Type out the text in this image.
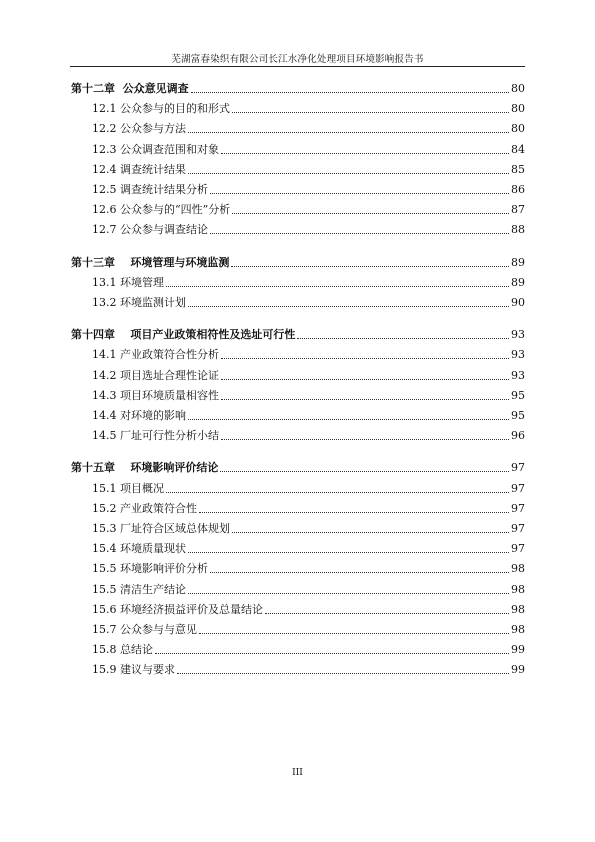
芜湖富春染织有限公司长江水净化处理项目环境影响报告书
第十二章  公众意见调查	80
12.1 公众参与的目的和形式	80
12.2 公众参与方法	80
12.3 公众调查范围和对象	84
12.4 调查统计结果	85
12.5 调查统计结果分析	86
12.6 公众参与的“四性”分析	87
12.7 公众参与调查结论	88
第十三章    环境管理与环境监测	89
13.1 环境管理	89
13.2 环境监测计划	90
第十四章    项目产业政策相符性及选址可行性	93
14.1 产业政策符合性分析	93
14.2 项目选址合理性论证	93
14.3 项目环境质量相容性	95
14.4 对环境的影响	95
14.5 厂址可行性分析小结	96
第十五章    环境影响评价结论	97
15.1 项目概况	97
15.2 产业政策符合性	97
15.3 厂址符合区域总体规划	97
15.4 环境质量现状	97
15.5 环境影响评价分析	98
15.5 清洁生产结论	98
15.6 环境经济损益评价及总量结论	98
15.7 公众参与与意见	98
15.8 总结论	99
15.9 建议与要求	99
III
